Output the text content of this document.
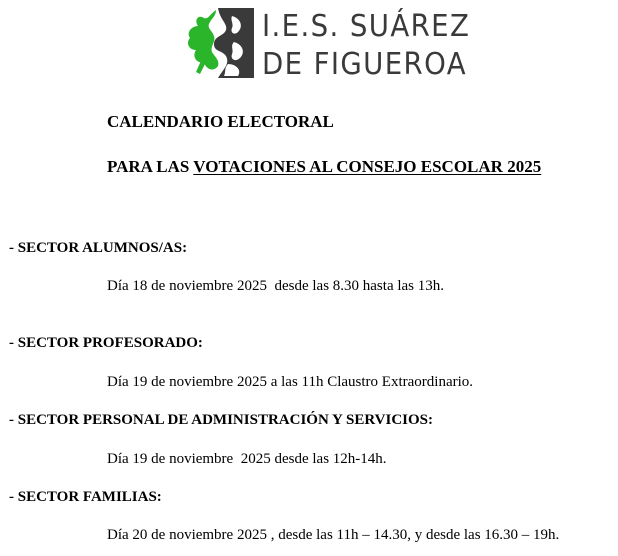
I.E.S. SUÁREZ
DE FIGUEROA
CALENDARIO ELECTORAL
PARA LAS VOTACIONES AL CONSEJO ESCOLAR 2025
- SECTOR ALUMNOS/AS:
Día 18 de noviembre 2025  desde las 8.30 hasta las 13h.
- SECTOR PROFESORADO:
Día 19 de noviembre 2025 a las 11h Claustro Extraordinario.
- SECTOR PERSONAL DE ADMINISTRACIÓN Y SERVICIOS:
Día 19 de noviembre  2025 desde las 12h-14h.
- SECTOR FAMILIAS:
Día 20 de noviembre 2025 , desde las 11h – 14.30, y desde las 16.30 – 19h.
